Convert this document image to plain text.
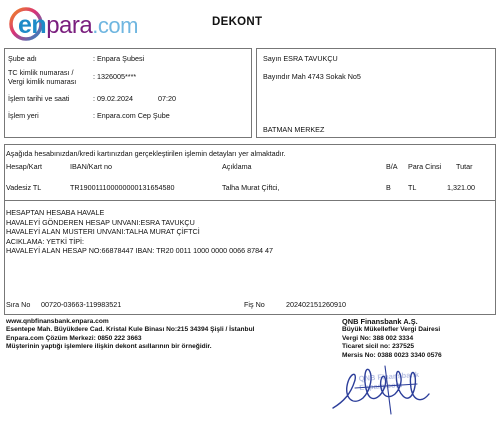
enpara.com	DEKONT
Şube adı	: Enpara Şubesi
TC kimlik numarası /
Vergi kimlik numarası
: 1326005****
İşlem tarihi ve saati	: 09.02.2024	07:20
İşlem yeri	: Enpara.com Cep Şube
Sayın ESRA TAVUKÇU
Bayındır Mah 4743 Sokak No5
BATMAN MERKEZ
Aşağıda hesabınızdan/kredi kartınızdan gerçekleştirilen işlemin detayları yer almaktadır.
Hesap/Kart	IBAN/Kart no	Açıklama	B/A Para Cinsi Tutar
Vadesiz TL	TR190011100000000131654580	Talha Murat Çiftci,	B TL	1,321.00
HESAPTAN HESABA HAVALE
HAVALEYİ GÖNDEREN HESAP UNVANI:ESRA TAVUKÇU
HAVALEYİ ALAN MUSTERI UNVANI:TALHA MURAT ÇİFTCİ
ACIKLAMA: YETKİ TİPİ:
HAVALEYİ ALAN HESAP NO:66878447 IBAN: TR20 0011 1000 0000 0066 8784 47
Sıra No 00720-03663-119983521	Fiş No	202402151260910
www.qnbfinansbank.enpara.com
Esentepe Mah. Büyükdere Cad. Kristal Kule Binası No:215 34394 Şişli / İstanbul
Enpara.com Çözüm Merkezi: 0850 222 3663
Müşterinin yaptığı işlemlere ilişkin dekont asıllarının bir örneğidir.
QNB Finansbank A.Ş.
Büyük Mükellefler Vergi Dairesi
Vergi No: 388 002 3334
Ticaret sicil no: 237525
Mersis No: 0388 0023 3340 0576
QNB Finansbank
Enpara.com
